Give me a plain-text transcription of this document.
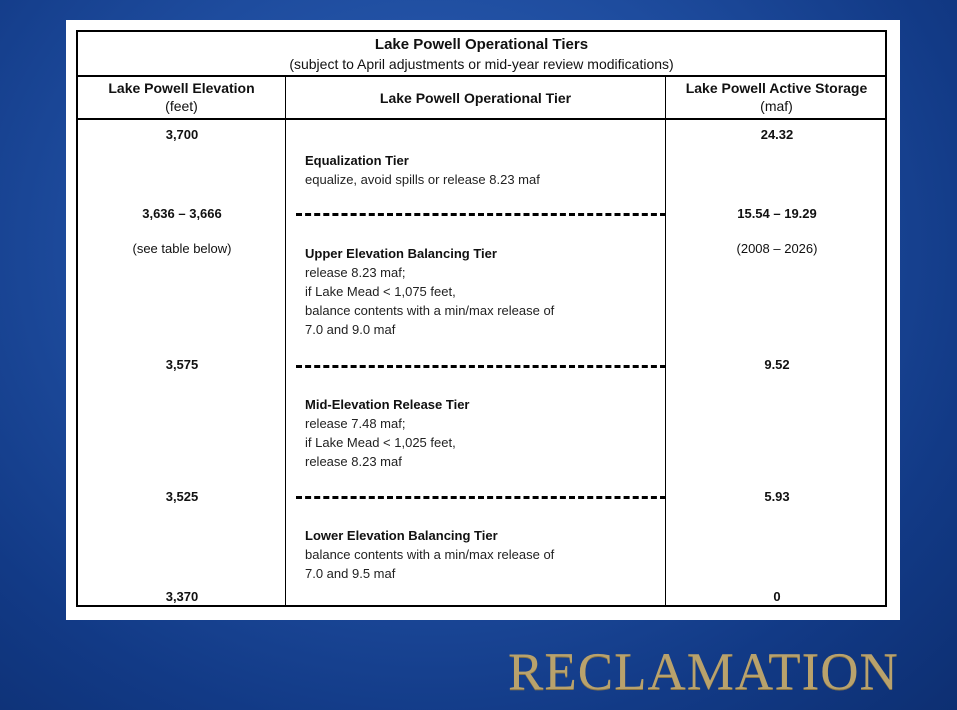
Lake Powell Operational Tiers
(subject to April adjustments or mid-year review modifications)
Lake Powell Elevation
(feet)	Lake Powell Operational Tier
Lake Powell Active Storage
(maf)
3,700
3,636 – 3,666
(see table below)
3,575
3,525
3,370
24.32
15.54 – 19.29
(2008 – 2026)
9.52
5.93
0
Equalization Tier
equalize, avoid spills or release 8.23 maf
Upper Elevation Balancing Tier
release 8.23 maf;
if Lake Mead < 1,075 feet,
balance contents with a min/max release of
7.0 and 9.0 maf
Mid-Elevation Release Tier
release 7.48 maf;
if Lake Mead < 1,025 feet,
release 8.23 maf
Lower Elevation Balancing Tier
balance contents with a min/max release of
7.0 and 9.5 maf
RECLAMATION
